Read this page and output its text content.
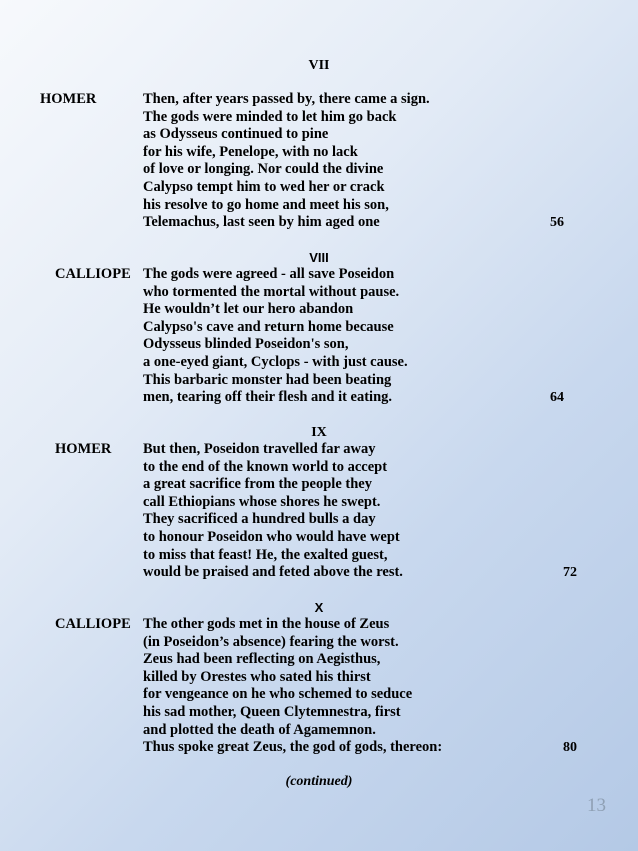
VII
HOMER	Then, after years passed by, there came a sign.
The gods were minded to let him go back
as Odysseus continued to pine
for his wife, Penelope, with no lack
of love or longing. Nor could the divine
Calypso tempt him to wed her or crack
his resolve to go home and meet his son,
Telemachus, last seen by him aged one	56
VIII
CALLIOPE The gods were agreed - all save Poseidon
who tormented the mortal without pause.
He wouldn’t let our hero abandon
Calypso's cave and return home because
Odysseus blinded Poseidon's son,
a one-eyed giant, Cyclops - with just cause.
This barbaric monster had been beating
men, tearing off their flesh and it eating.	64
IX
HOMER But then, Poseidon travelled far away
to the end of the known world to accept
a great sacrifice from the people they
call Ethiopians whose shores he swept.
They sacrificed a hundred bulls a day
to honour Poseidon who would have wept
to miss that feast! He, the exalted guest,
would be praised and feted above the rest.	72
X
CALLIOPE The other gods met in the house of Zeus
(in Poseidon’s absence) fearing the worst.
Zeus had been reflecting on Aegisthus,
killed by Orestes who sated his thirst
for vengeance on he who schemed to seduce
his sad mother, Queen Clytemnestra, first
and plotted the death of Agamemnon.
Thus spoke great Zeus, the god of gods, thereon:	80
(continued)
13
